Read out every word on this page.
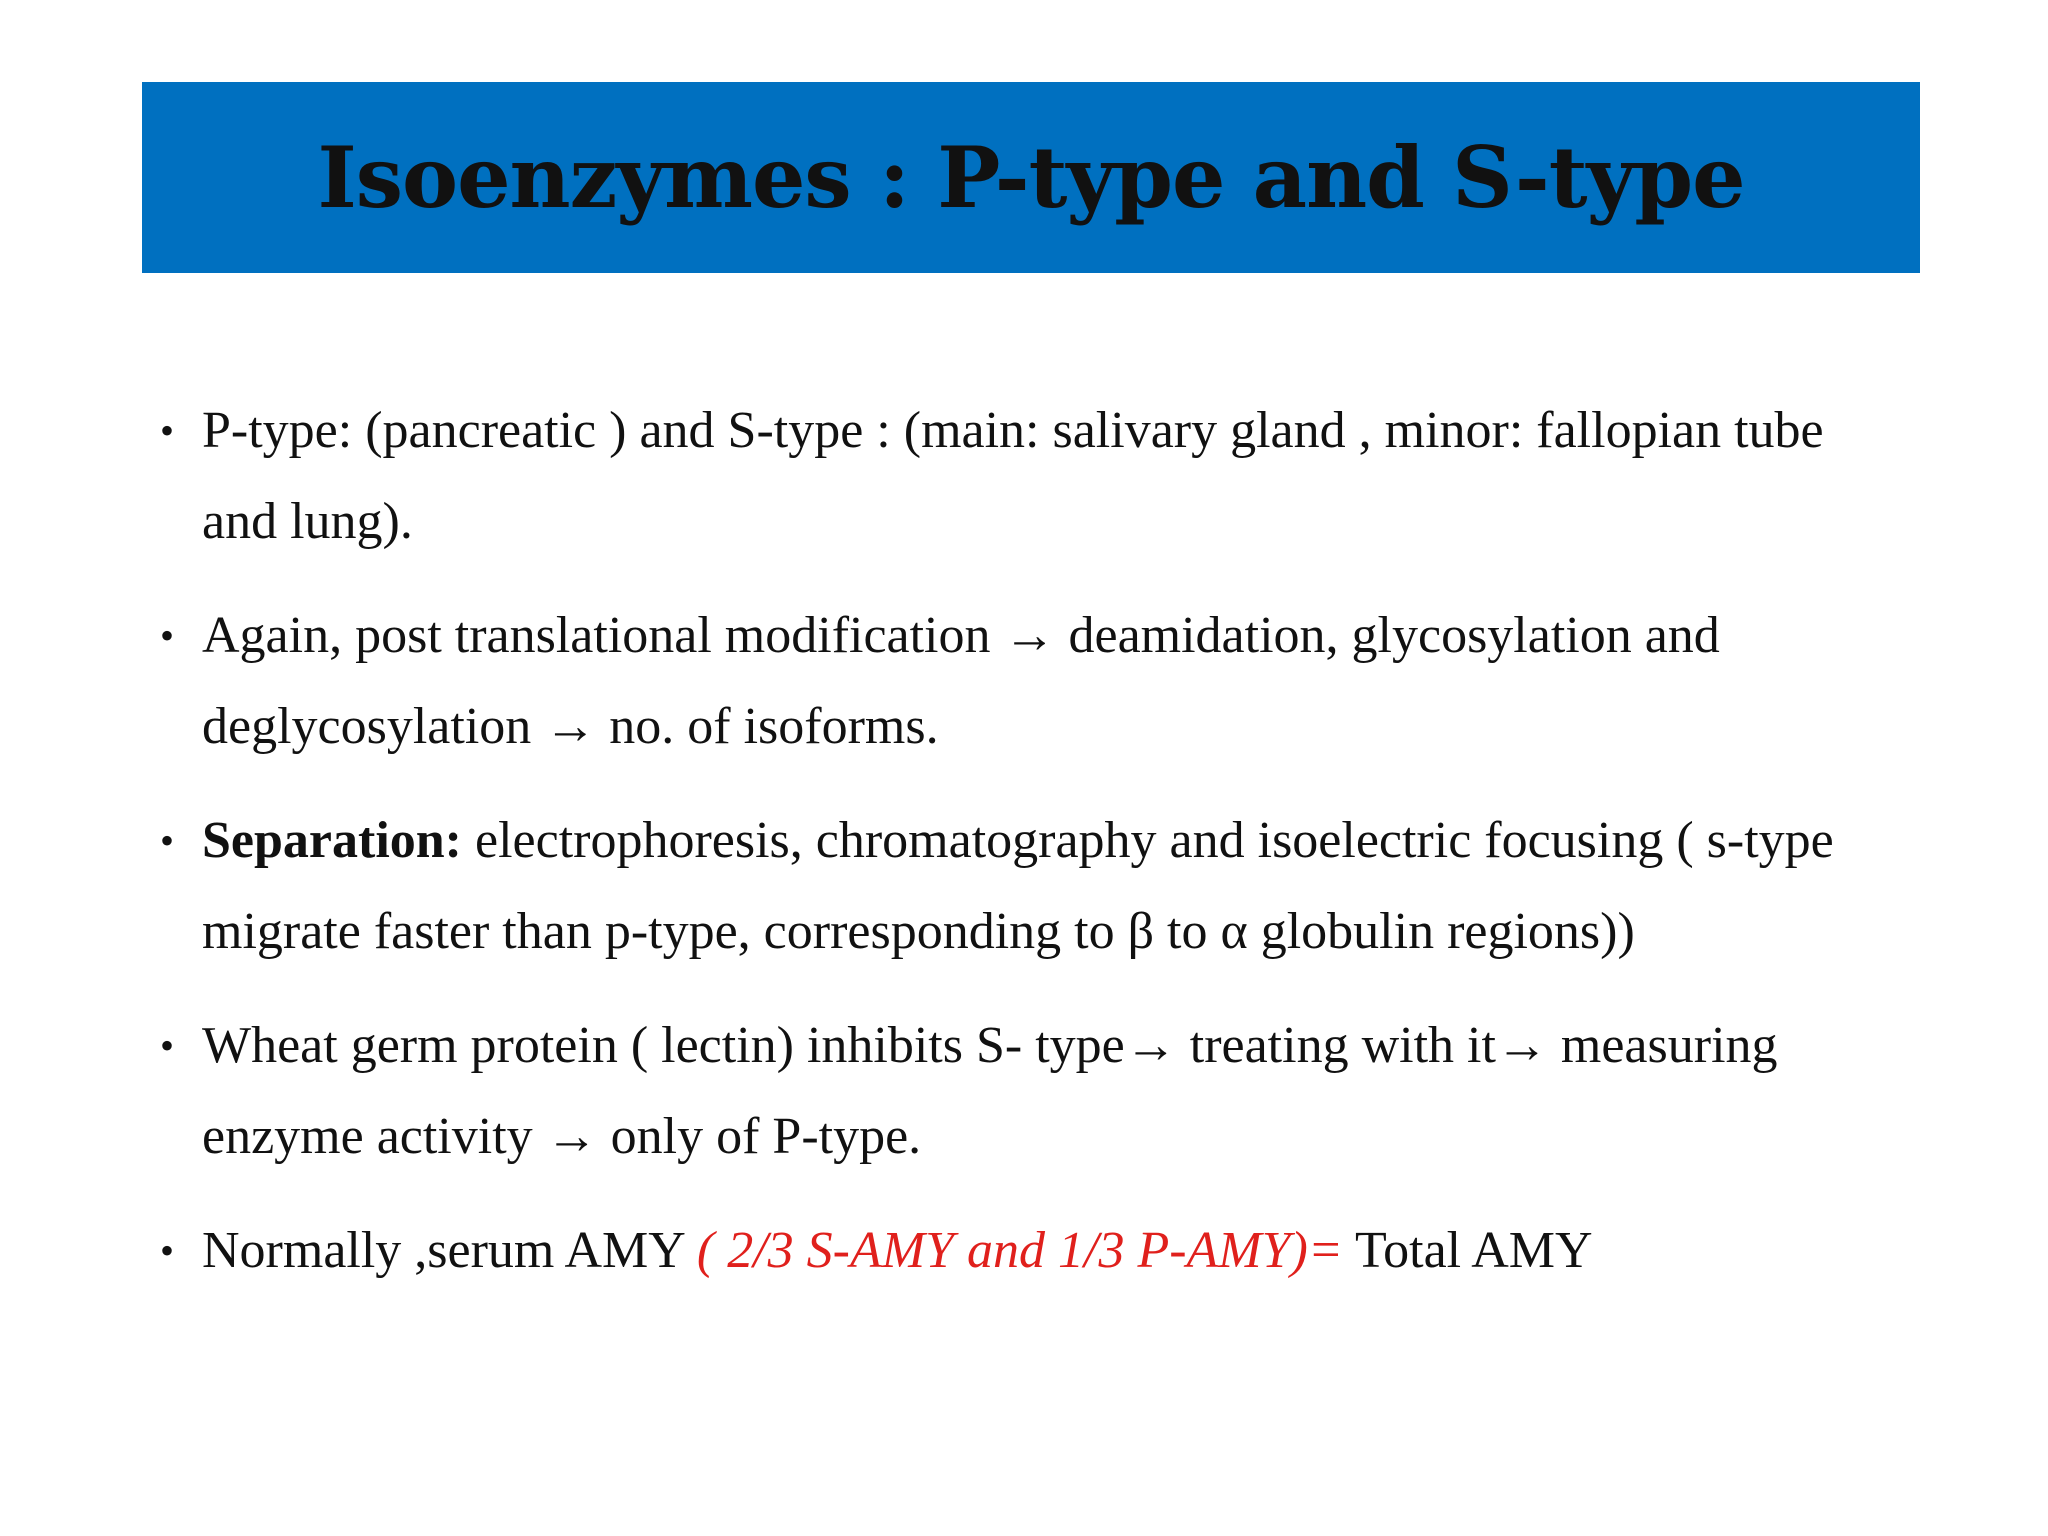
Isoenzymes : P-type and S-type
• P-type: (pancreatic ) and S-type : (main: salivary gland , minor: fallopian tube and lung).
• Again, post translational modification → deamidation, glycosylation and deglycosylation → no. of isoforms.
• Separation: electrophoresis, chromatography and isoelectric focusing ( s-type migrate faster than p-type, corresponding to β to α globulin regions))
• Wheat germ protein ( lectin) inhibits S- type→ treating with it→ measuring enzyme activity → only of P-type.
• Normally ,serum AMY ( 2/3 S-AMY and 1/3 P-AMY)= Total AMY
